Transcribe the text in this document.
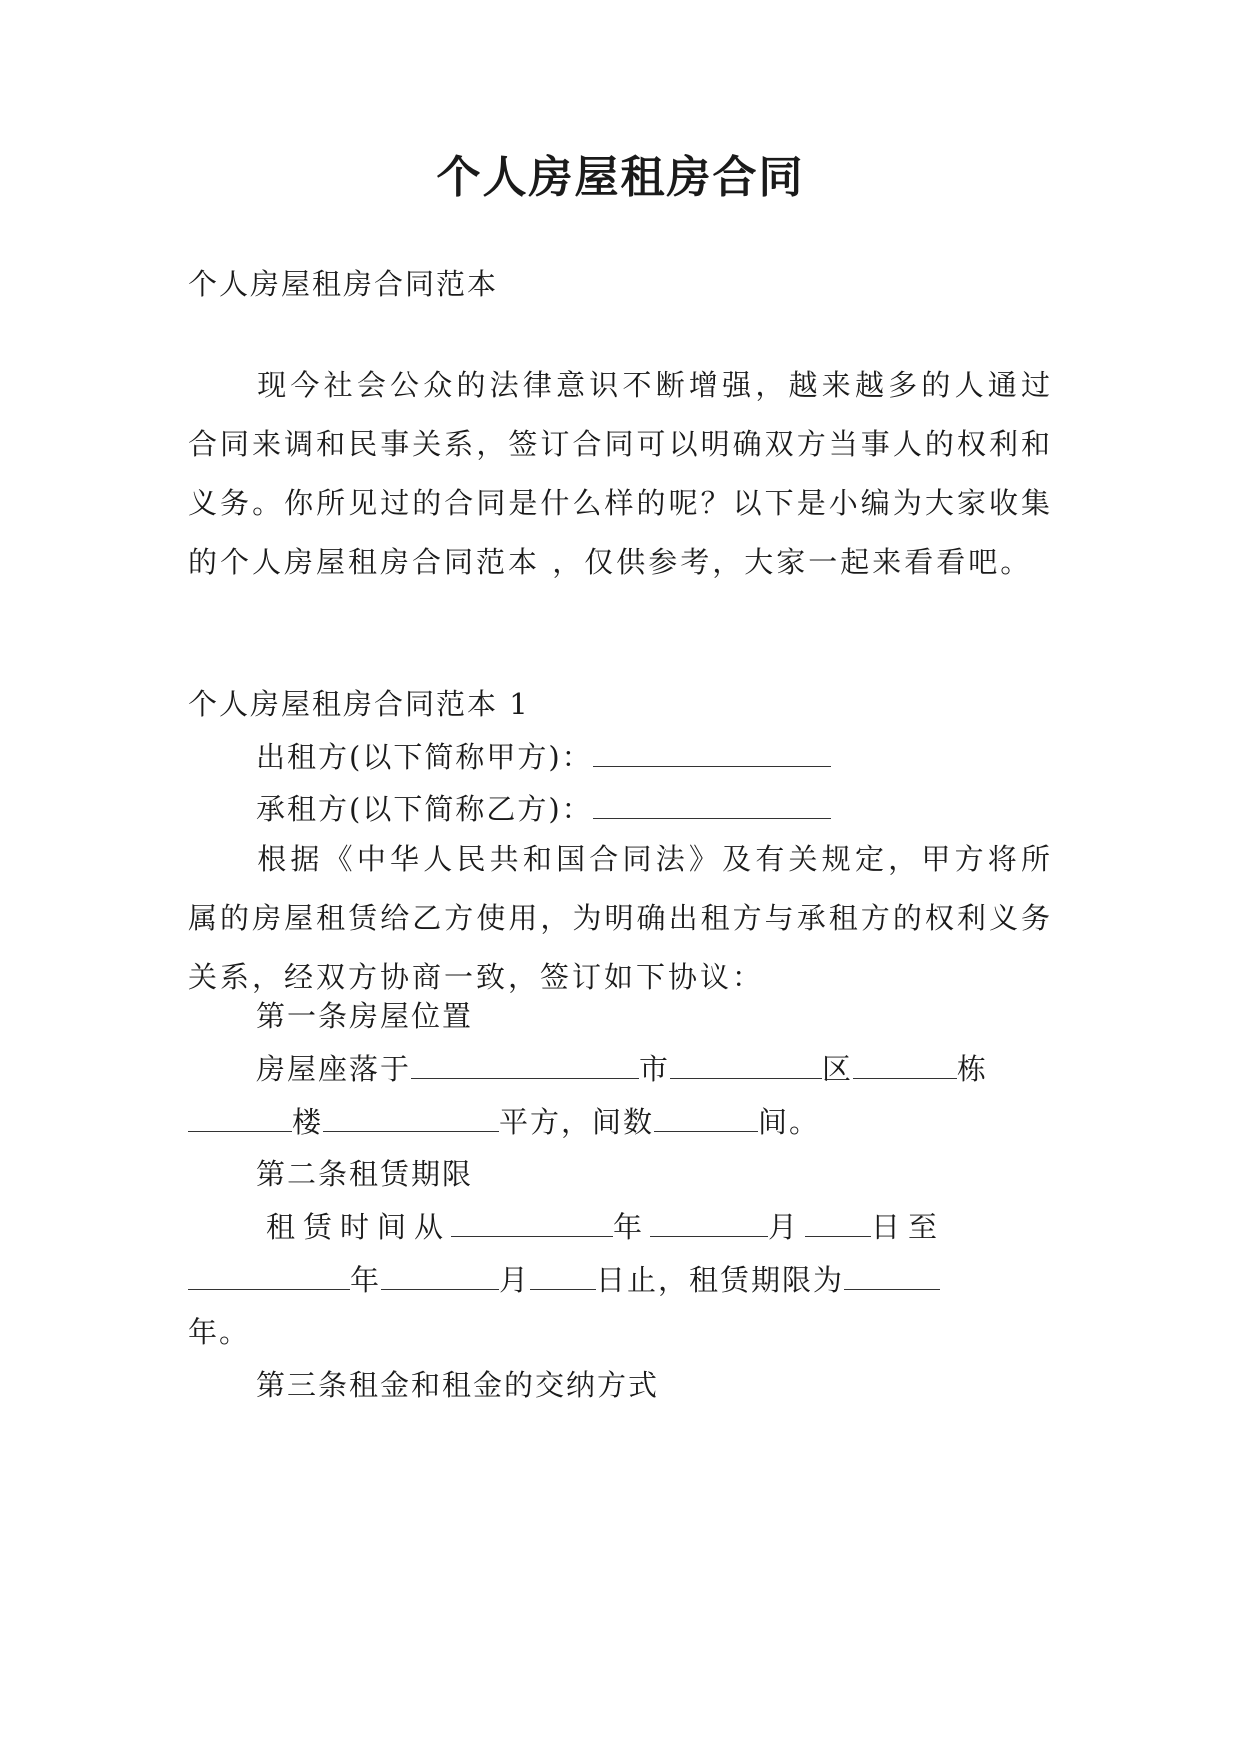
个人房屋租房合同

个人房屋租房合同范本

现今社会公众的法律意识不断增强，越来越多的人通过合同来调和民事关系，签订合同可以明确双方当事人的权利和义务。你所见过的合同是什么样的呢？以下是小编为大家收集的个人房屋租房合同范本 ，仅供参考，大家一起来看看吧。

个人房屋租房合同范本 1

出租方(以下简称甲方)：

承租方(以下简称乙方)：

根据《中华人民共和国合同法》及有关规定，甲方将所属的房屋租赁给乙方使用，为明确出租方与承租方的权利义务关系，经双方协商一致，签订如下协议：

第一条房屋位置

房屋座落于	市	区	栋

楼	平方，间数	间。

第二条租赁期限

租赁时间从	年	月 日至

年	月 日止，租赁期限为

年。

第三条租金和租金的交纳方式
